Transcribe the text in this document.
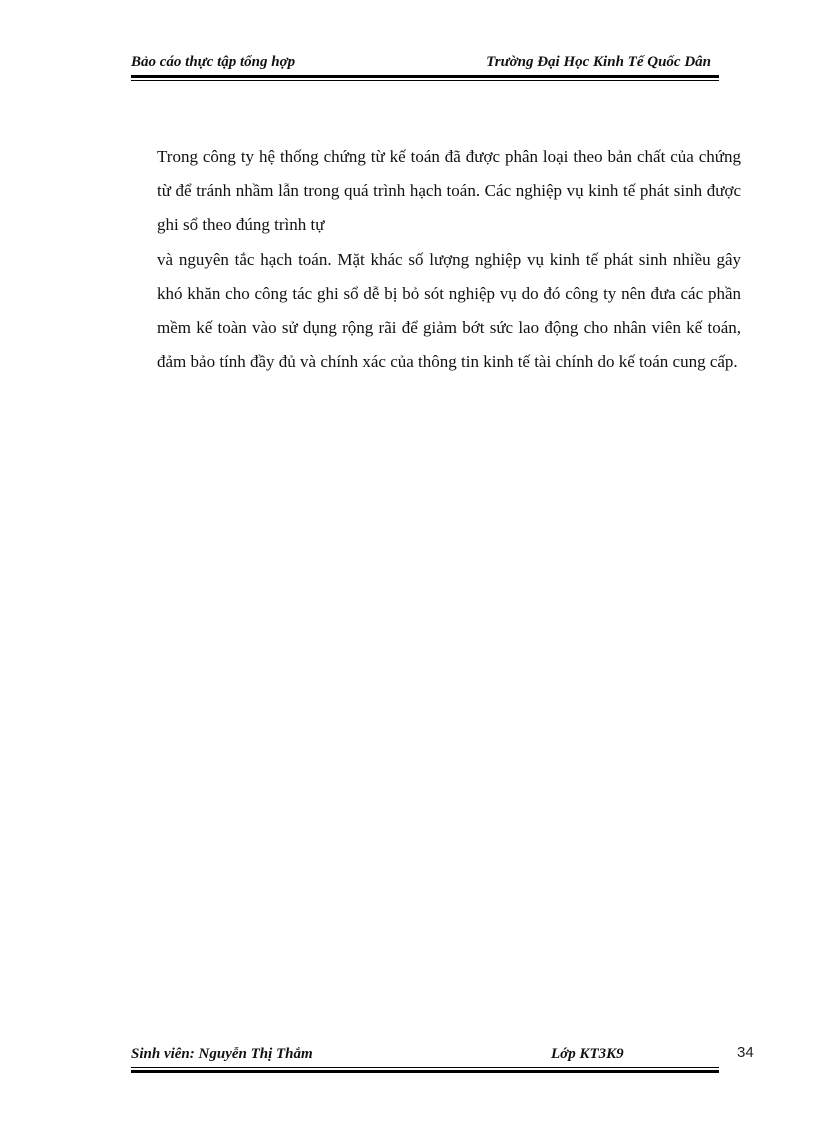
Bảo cáo thực tập tổng hợp	Trường Đại Học Kinh Tế Quốc Dân

Trong công ty hệ thống chứng từ kế toán đã được phân loại theo bản chất của chứng từ để tránh nhầm lẫn trong quá trình hạch toán. Các nghiệp vụ kinh tế phát sinh được ghi sổ theo đúng trình tự

và nguyên tắc hạch toán. Mặt khác số lượng nghiệp vụ kinh tế phát sinh nhiều gây khó khăn cho công tác ghi sổ dễ bị bỏ sót nghiệp vụ do đó công ty nên đưa các phần mềm kế toàn vào sử dụng rộng rãi để giảm bớt sức lao động cho nhân viên kế toán, đảm bảo tính đầy đủ và chính xác của thông tin kinh tế tài chính do kế toán cung cấp.

Sinh viên: Nguyễn Thị Thắm	Lớp KT3K9	34
